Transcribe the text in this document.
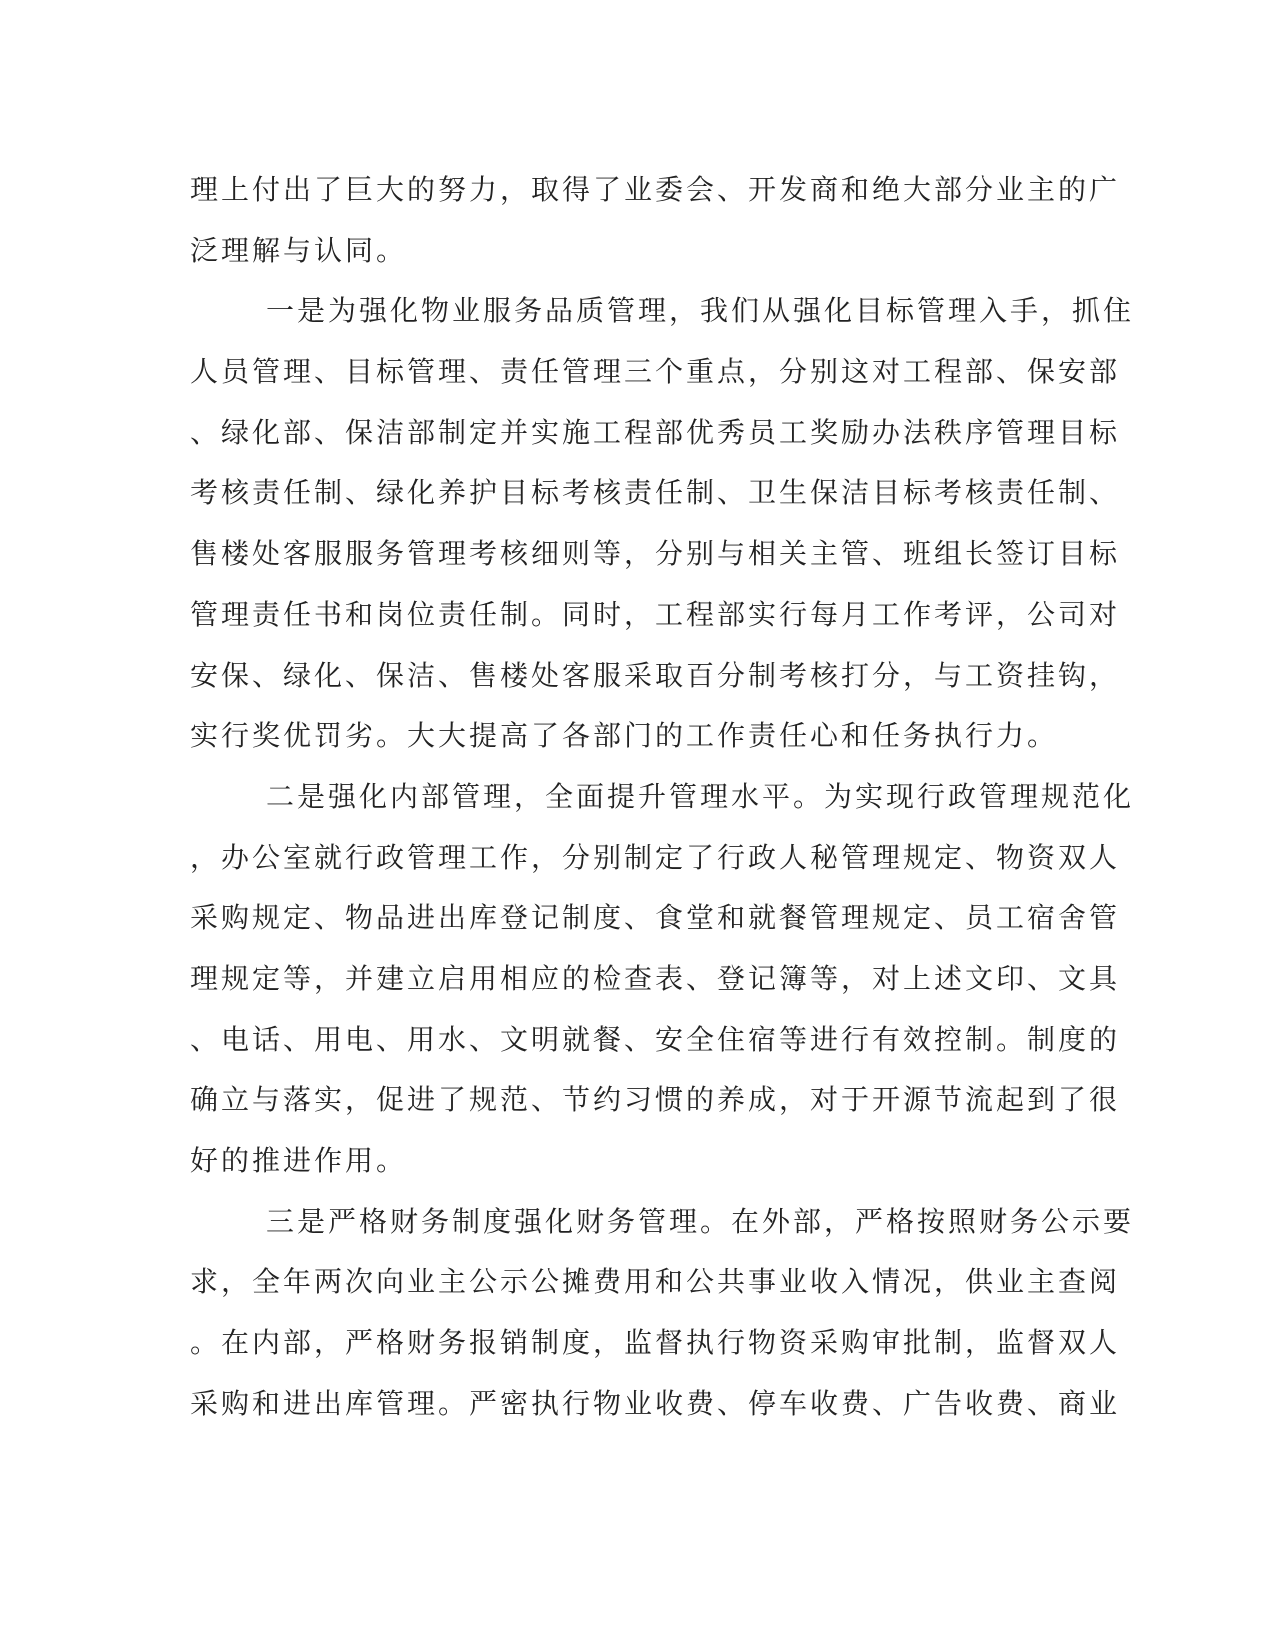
理上付出了巨大的努力，取得了业委会、开发商和绝大部分业主的广
泛理解与认同。
一是为强化物业服务品质管理，我们从强化目标管理入手，抓住
人员管理、目标管理、责任管理三个重点，分别这对工程部、保安部
、绿化部、保洁部制定并实施工程部优秀员工奖励办法秩序管理目标
考核责任制、绿化养护目标考核责任制、卫生保洁目标考核责任制、
售楼处客服服务管理考核细则等，分别与相关主管、班组长签订目标
管理责任书和岗位责任制。同时，工程部实行每月工作考评，公司对
安保、绿化、保洁、售楼处客服采取百分制考核打分，与工资挂钩，
实行奖优罚劣。大大提高了各部门的工作责任心和任务执行力。
二是强化内部管理，全面提升管理水平。为实现行政管理规范化
，办公室就行政管理工作，分别制定了行政人秘管理规定、物资双人
采购规定、物品进出库登记制度、食堂和就餐管理规定、员工宿舍管
理规定等，并建立启用相应的检查表、登记簿等，对上述文印、文具
、电话、用电、用水、文明就餐、安全住宿等进行有效控制。制度的
确立与落实，促进了规范、节约习惯的养成，对于开源节流起到了很
好的推进作用。
三是严格财务制度强化财务管理。在外部，严格按照财务公示要
求，全年两次向业主公示公摊费用和公共事业收入情况，供业主查阅
。在内部，严格财务报销制度，监督执行物资采购审批制，监督双人
采购和进出库管理。严密执行物业收费、停车收费、广告收费、商业
